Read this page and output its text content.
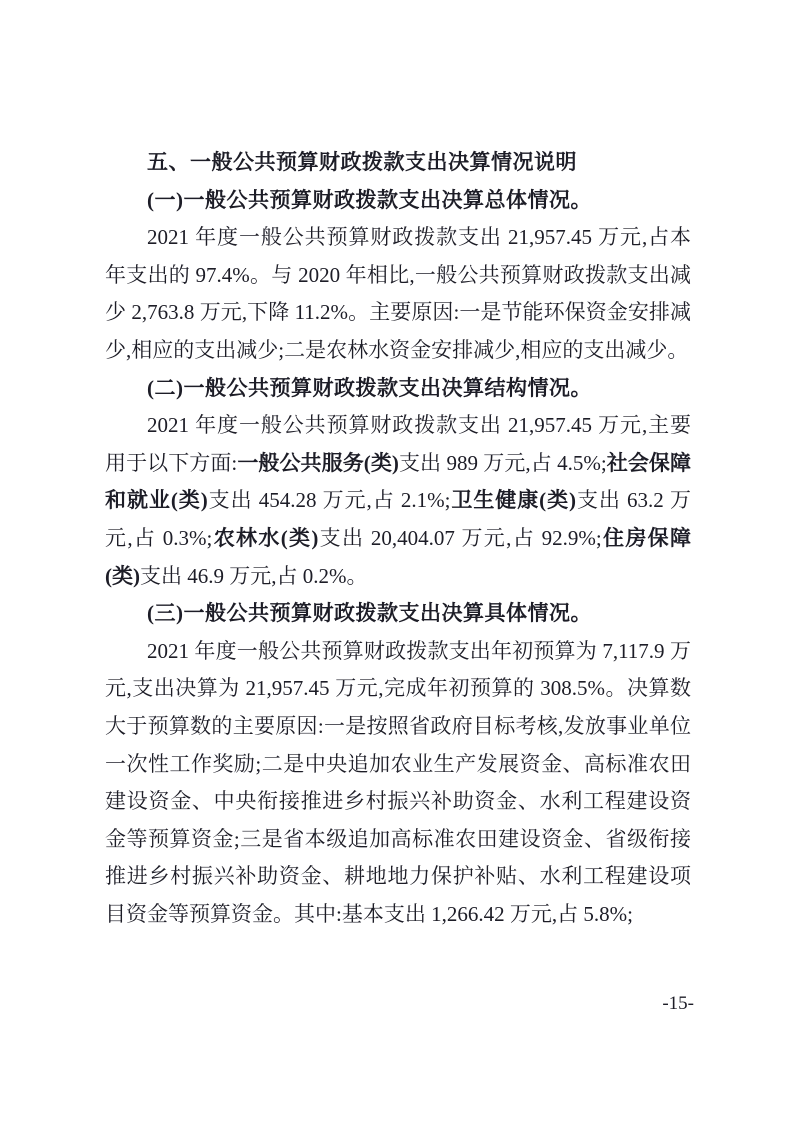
五、一般公共预算财政拨款支出决算情况说明
(一)一般公共预算财政拨款支出决算总体情况。

2021 年度一般公共预算财政拨款支出 21,957.45 万元,占本年支出的 97.4%。与 2020 年相比,一般公共预算财政拨款支出减少 2,763.8 万元,下降 11.2%。主要原因:一是节能环保资金安排减少,相应的支出减少;二是农林水资金安排减少,相应的支出减少。

(二)一般公共预算财政拨款支出决算结构情况。

2021 年度一般公共预算财政拨款支出 21,957.45 万元,主要用于以下方面:一般公共服务(类)支出 989 万元,占 4.5%;社会保障和就业(类)支出 454.28 万元,占 2.1%;卫生健康(类)支出 63.2 万元,占 0.3%;农林水(类)支出 20,404.07 万元,占 92.9%;住房保障(类)支出 46.9 万元,占 0.2%。

(三)一般公共预算财政拨款支出决算具体情况。

2021 年度一般公共预算财政拨款支出年初预算为 7,117.9 万元,支出决算为 21,957.45 万元,完成年初预算的 308.5%。决算数大于预算数的主要原因:一是按照省政府目标考核,发放事业单位一次性工作奖励;二是中央追加农业生产发展资金、高标准农田建设资金、中央衔接推进乡村振兴补助资金、水利工程建设资金等预算资金;三是省本级追加高标准农田建设资金、省级衔接推进乡村振兴补助资金、耕地地力保护补贴、水利工程建设项目资金等预算资金。其中:基本支出 1,266.42 万元,占 5.8%;

-15-
